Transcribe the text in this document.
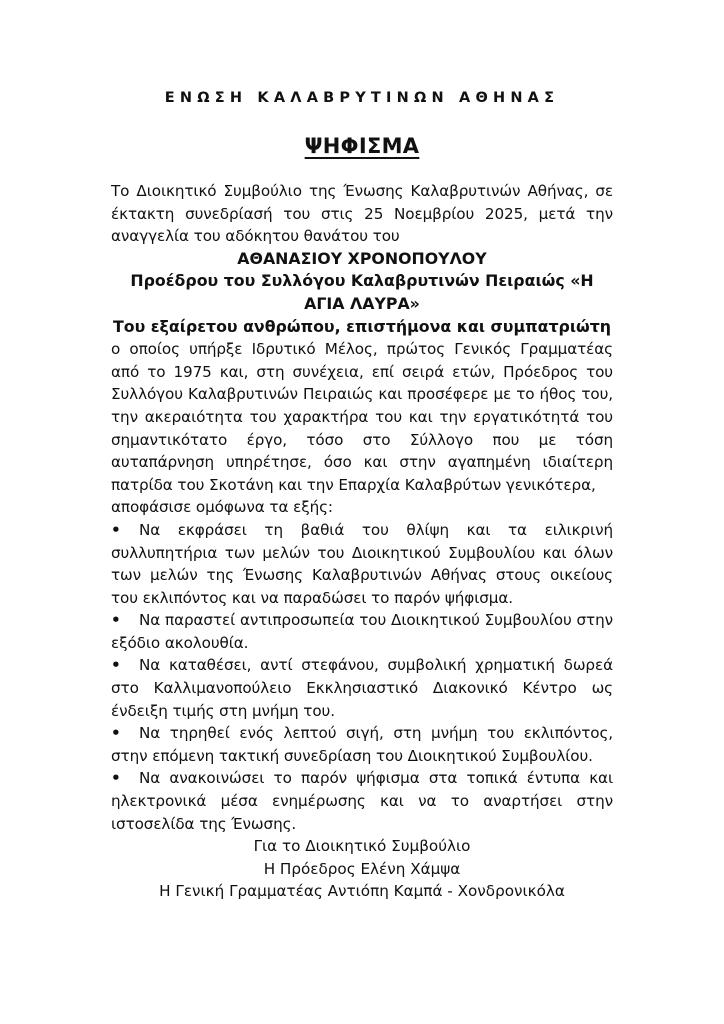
ΕΝΩΣΗ ΚΑΛΑΒΡΥΤΙΝΩΝ ΑΘΗΝΑΣ
ΨΗΦΙΣΜΑ

Το Διοικητικό Συμβούλιο της Ένωσης Καλαβρυτινών Αθήνας, σε έκτακτη συνεδρίασή του στις 25 Νοεμβρίου 2025, μετά την αναγγελία του αδόκητου θανάτου του

ΑΘΑΝΑΣΙΟΥ ΧΡΟΝΟΠΟΥΛΟΥ

Προέδρου του Συλλόγου Καλαβρυτινών Πειραιώς «Η ΑΓΙΑ ΛΑΥΡΑ»

Του εξαίρετου ανθρώπου, επιστήμονα και συμπατριώτη

ο οποίος υπήρξε Ιδρυτικό Μέλος, πρώτος Γενικός Γραμματέας από το 1975 και, στη συνέχεια, επί σειρά ετών, Πρόεδρος του Συλλόγου Καλαβρυτινών Πειραιώς και προσέφερε με το ήθος του, την ακεραιότητα του χαρακτήρα του και την εργατικότητά του σημαντικότατο έργο, τόσο στο Σύλλογο που με τόση αυταπάρνηση υπηρέτησε, όσο και στην αγαπημένη ιδιαίτερη πατρίδα του Σκοτάνη και την Επαρχία Καλαβρύτων γενικότερα,

αποφάσισε ομόφωνα τα εξής:

• Να εκφράσει τη βαθιά του θλίψη και τα ειλικρινή συλλυπητήρια των μελών του Διοικητικού Συμβουλίου και όλων των μελών της Ένωσης Καλαβρυτινών Αθήνας στους οικείους του εκλιπόντος και να παραδώσει το παρόν ψήφισμα.
• Να παραστεί αντιπροσωπεία του Διοικητικού Συμβουλίου στην εξόδιο ακολουθία.
• Να καταθέσει, αντί στεφάνου, συμβολική χρηματική δωρεά στο Καλλιμανοπούλειο Εκκλησιαστικό Διακονικό Κέντρο ως ένδειξη τιμής στη μνήμη του.
• Να τηρηθεί ενός λεπτού σιγή, στη μνήμη του εκλιπόντος, στην επόμενη τακτική συνεδρίαση του Διοικητικού Συμβουλίου.
• Να ανακοινώσει το παρόν ψήφισμα στα τοπικά έντυπα και ηλεκτρονικά μέσα ενημέρωσης και να το αναρτήσει στην ιστοσελίδα της Ένωσης.

Για το Διοικητικό Συμβούλιο

Η Πρόεδρος Ελένη Χάμψα

Η Γενική Γραμματέας Αντιόπη Καμπά - Χονδρονικόλα
